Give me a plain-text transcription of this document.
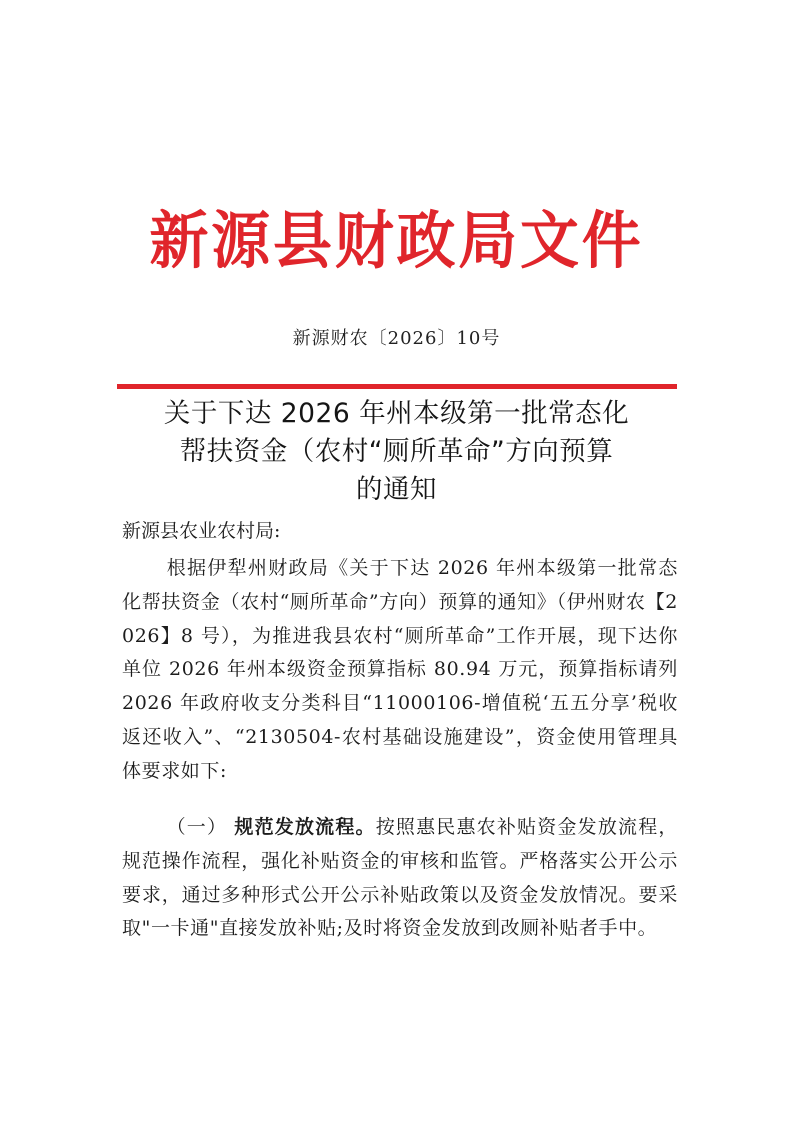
新源县财政局文件
新源财农〔2026〕10号
关于下达 2026 年州本级第一批常态化
帮扶资金（农村“厕所革命”方向预算
的通知
新源县农业农村局:
根据伊犁州财政局《关于下达 2026 年州本级第一批常态化帮扶资金（农村“厕所革命”方向）预算的通知》（伊州财农【2026】8 号），为推进我县农村“厕所革命”工作开展，现下达你单位 2026 年州本级资金预算指标 80.94 万元，预算指标请列 2026 年政府收支分类科目“11000106-增值税‘五五分享’税收返还收入”、“2130504-农村基础设施建设”，资金使用管理具体要求如下:
（一） 规范发放流程。按照惠民惠农补贴资金发放流程，规范操作流程，强化补贴资金的审核和监管。严格落实公开公示要求，通过多种形式公开公示补贴政策以及资金发放情况。要采取"一卡通"直接发放补贴;及时将资金发放到改厕补贴者手中。
